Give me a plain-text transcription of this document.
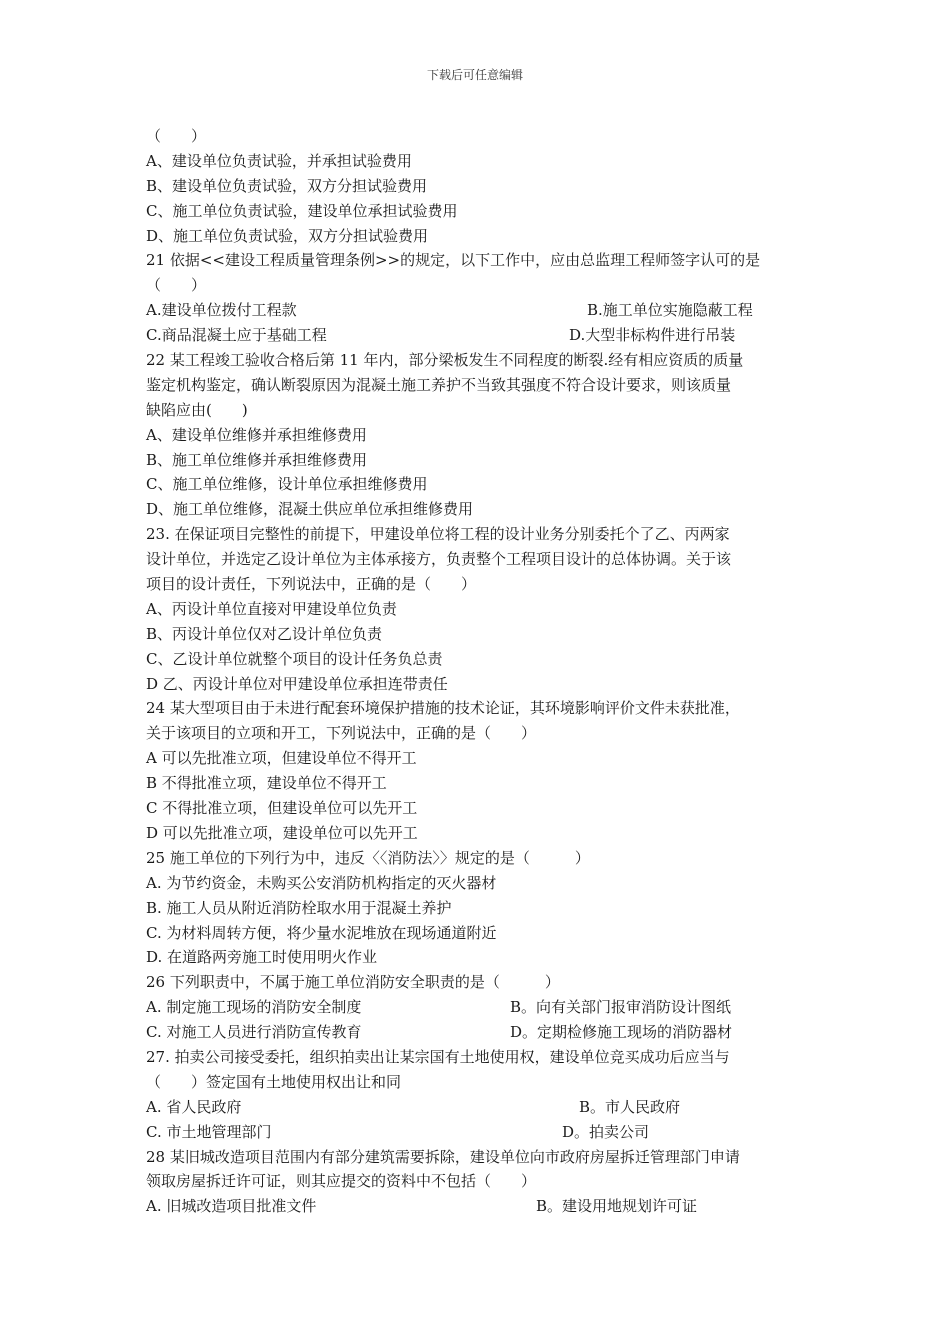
下载后可任意编辑
（　　）
A、建设单位负责试验，并承担试验费用
B、建设单位负责试验，双方分担试验费用
C、施工单位负责试验，建设单位承担试验费用
D、施工单位负责试验，双方分担试验费用
21 依据<<建设工程质量管理条例>>的规定，以下工作中，应由总监理工程师签字认可的是
（　　）
A.建设单位拨付工程款	B.施工单位实施隐蔽工程
C.商品混凝土应于基础工程	D.大型非标构件进行吊装
22 某工程竣工验收合格后第 11 年内，部分梁板发生不同程度的断裂.经有相应资质的质量
鉴定机构鉴定，确认断裂原因为混凝土施工养护不当致其强度不符合设计要求，则该质量
缺陷应由(　　)
A、建设单位维修并承担维修费用
B、施工单位维修并承担维修费用
C、施工单位维修，设计单位承担维修费用
D、施工单位维修，混凝土供应单位承担维修费用
23. 在保证项目完整性的前提下，甲建设单位将工程的设计业务分别委托个了乙、丙两家
设计单位，并选定乙设计单位为主体承接方，负责整个工程项目设计的总体协调。关于该
项目的设计责任，下列说法中，正确的是（　　）
A、丙设计单位直接对甲建设单位负责
B、丙设计单位仅对乙设计单位负责
C、乙设计单位就整个项目的设计任务负总责
D 乙、丙设计单位对甲建设单位承担连带责任
24 某大型项目由于未进行配套环境保护措施的技术论证，其环境影响评价文件未获批准，
关于该项目的立项和开工，下列说法中，正确的是（　　）
A 可以先批准立项，但建设单位不得开工
B 不得批准立项，建设单位不得开工
C 不得批准立项，但建设单位可以先开工
D 可以先批准立项，建设单位可以先开工
25 施工单位的下列行为中，违反〈〈消防法〉〉规定的是（　　　）
A. 为节约资金，未购买公安消防机构指定的灭火器材
B. 施工人员从附近消防栓取水用于混凝土养护
C. 为材料周转方便，将少量水泥堆放在现场通道附近
D. 在道路两旁施工时使用明火作业
26 下列职责中，不属于施工单位消防安全职责的是（　　　）
A. 制定施工现场的消防安全制度	B。向有关部门报审消防设计图纸
C. 对施工人员进行消防宣传教育	D。定期检修施工现场的消防器材
27. 拍卖公司接受委托，组织拍卖出让某宗国有土地使用权，建设单位竞买成功后应当与
（　　）签定国有土地使用权出让和同
A. 省人民政府	B。市人民政府
C. 市土地管理部门	D。拍卖公司
28 某旧城改造项目范围内有部分建筑需要拆除，建设单位向市政府房屋拆迁管理部门申请
领取房屋拆迁许可证，则其应提交的资料中不包括（　　）
A. 旧城改造项目批准文件	B。建设用地规划许可证
